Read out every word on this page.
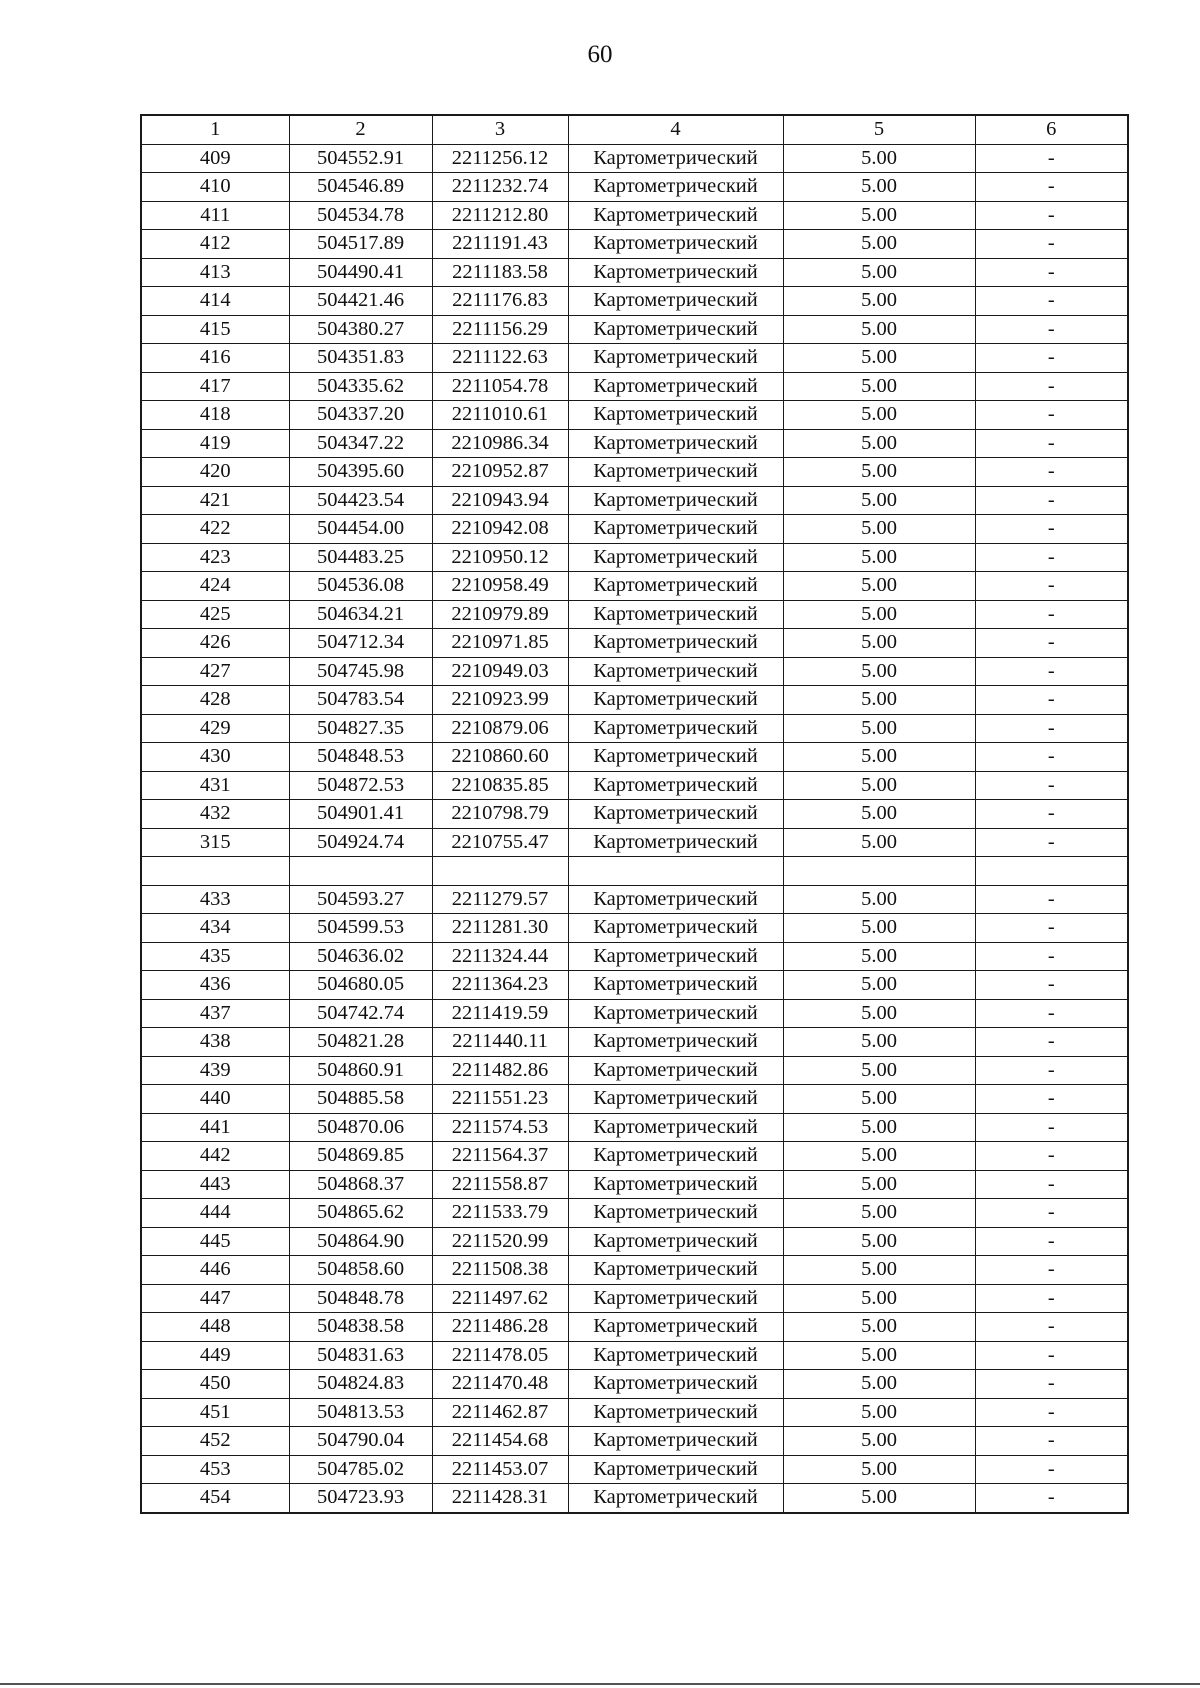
60
1	2	3	4	5	6
409	504552.91	2211256.12	Картометрический	5.00	-
410	504546.89	2211232.74	Картометрический	5.00	-
411	504534.78	2211212.80	Картометрический	5.00	-
412	504517.89	2211191.43	Картометрический	5.00	-
413	504490.41	2211183.58	Картометрический	5.00	-
414	504421.46	2211176.83	Картометрический	5.00	-
415	504380.27	2211156.29	Картометрический	5.00	-
416	504351.83	2211122.63	Картометрический	5.00	-
417	504335.62	2211054.78	Картометрический	5.00	-
418	504337.20	2211010.61	Картометрический	5.00	-
419	504347.22	2210986.34	Картометрический	5.00	-
420	504395.60	2210952.87	Картометрический	5.00	-
421	504423.54	2210943.94	Картометрический	5.00	-
422	504454.00	2210942.08	Картометрический	5.00	-
423	504483.25	2210950.12	Картометрический	5.00	-
424	504536.08	2210958.49	Картометрический	5.00	-
425	504634.21	2210979.89	Картометрический	5.00	-
426	504712.34	2210971.85	Картометрический	5.00	-
427	504745.98	2210949.03	Картометрический	5.00	-
428	504783.54	2210923.99	Картометрический	5.00	-
429	504827.35	2210879.06	Картометрический	5.00	-
430	504848.53	2210860.60	Картометрический	5.00	-
431	504872.53	2210835.85	Картометрический	5.00	-
432	504901.41	2210798.79	Картометрический	5.00	-
315	504924.74	2210755.47	Картометрический	5.00	-

433	504593.27	2211279.57	Картометрический	5.00	-
434	504599.53	2211281.30	Картометрический	5.00	-
435	504636.02	2211324.44	Картометрический	5.00	-
436	504680.05	2211364.23	Картометрический	5.00	-
437	504742.74	2211419.59	Картометрический	5.00	-
438	504821.28	2211440.11	Картометрический	5.00	-
439	504860.91	2211482.86	Картометрический	5.00	-
440	504885.58	2211551.23	Картометрический	5.00	-
441	504870.06	2211574.53	Картометрический	5.00	-
442	504869.85	2211564.37	Картометрический	5.00	-
443	504868.37	2211558.87	Картометрический	5.00	-
444	504865.62	2211533.79	Картометрический	5.00	-
445	504864.90	2211520.99	Картометрический	5.00	-
446	504858.60	2211508.38	Картометрический	5.00	-
447	504848.78	2211497.62	Картометрический	5.00	-
448	504838.58	2211486.28	Картометрический	5.00	-
449	504831.63	2211478.05	Картометрический	5.00	-
450	504824.83	2211470.48	Картометрический	5.00	-
451	504813.53	2211462.87	Картометрический	5.00	-
452	504790.04	2211454.68	Картометрический	5.00	-
453	504785.02	2211453.07	Картометрический	5.00	-
454	504723.93	2211428.31	Картометрический	5.00	-
